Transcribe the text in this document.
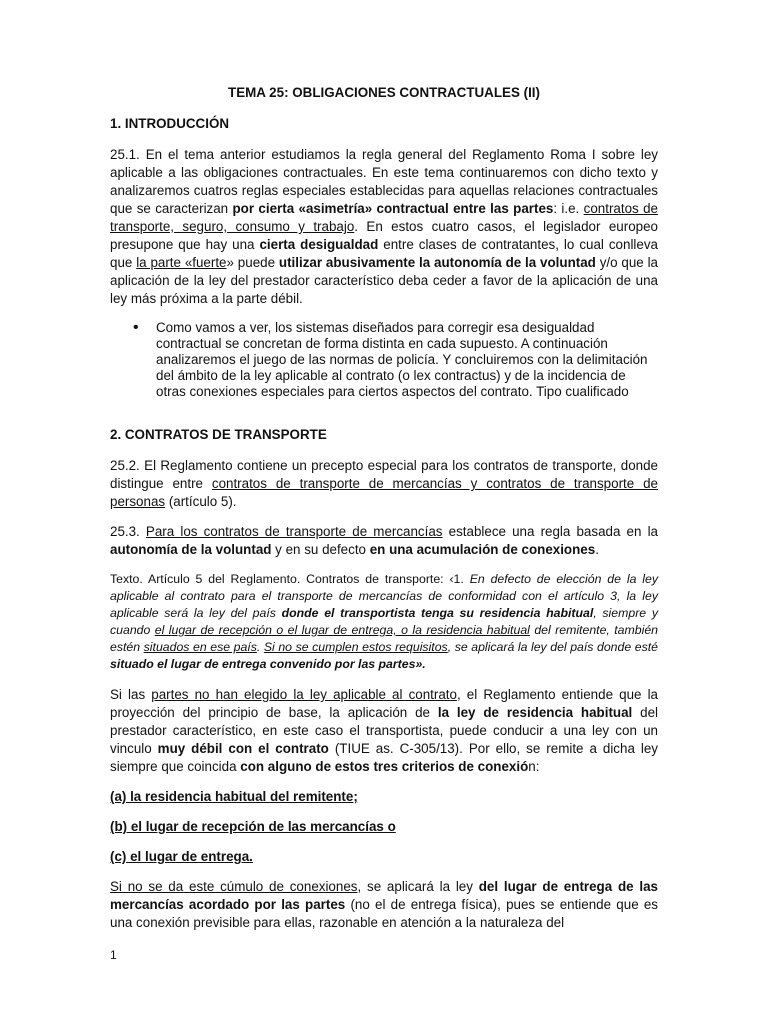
TEMA 25: OBLIGACIONES CONTRACTUALES (II)

1. INTRODUCCIÓN

25.1. En el tema anterior estudiamos la regla general del Reglamento Roma I sobre ley aplicable a las obligaciones contractuales. En este tema continuaremos con dicho texto y analizaremos cuatros reglas especiales establecidas para aquellas relaciones contractuales que se caracterizan por cierta «asimetría» contractual entre las partes: i.e. contratos de transporte, seguro, consumo y trabajo. En estos cuatro casos, el legislador europeo presupone que hay una cierta desigualdad entre clases de contratantes, lo cual conlleva que la parte «fuerte» puede utilizar abusivamente la autonomía de la voluntad y/o que la aplicación de la ley del prestador característico deba ceder a favor de la aplicación de una ley más próxima a la parte débil.

• Como vamos a ver, los sistemas diseñados para corregir esa desigualdad contractual se concretan de forma distinta en cada supuesto. A continuación analizaremos el juego de las normas de policía. Y concluiremos con la delimitación del ámbito de la ley aplicable al contrato (o lex contractus) y de la incidencia de otras conexiones especiales para ciertos aspectos del contrato. Tipo cualificado

2. CONTRATOS DE TRANSPORTE

25.2. El Reglamento contiene un precepto especial para los contratos de transporte, donde distingue entre contratos de transporte de mercancías y contratos de transporte de personas (artículo 5).

25.3. Para los contratos de transporte de mercancías establece una regla basada en la autonomía de la voluntad y en su defecto en una acumulación de conexiones.

Texto. Artículo 5 del Reglamento. Contratos de transporte: ‹1. En defecto de elección de la ley aplicable al contrato para el transporte de mercancías de conformidad con el artículo 3, la ley aplicable será la ley del país donde el transportista tenga su residencia habitual, siempre y cuando el lugar de recepción o el lugar de entrega, o la residencia habitual del remitente, también estén situados en ese país. Si no se cumplen estos requisitos, se aplicará la ley del país donde esté situado el lugar de entrega convenido por las partes».

Si las partes no han elegido la ley aplicable al contrato, el Reglamento entiende que la proyección del principio de base, la aplicación de la ley de residencia habitual del prestador característico, en este caso el transportista, puede conducir a una ley con un vinculo muy débil con el contrato (TIUE as. C-305/13). Por ello, se remite a dicha ley siempre que coincida con alguno de estos tres criterios de conexión:

(a) la residencia habitual del remitente;

(b) el lugar de recepción de las mercancías o

(c) el lugar de entrega.

Si no se da este cúmulo de conexiones, se aplicará la ley del lugar de entrega de las mercancías acordado por las partes (no el de entrega física), pues se entiende que es una conexión previsible para ellas, razonable en atención a la naturaleza del

1
